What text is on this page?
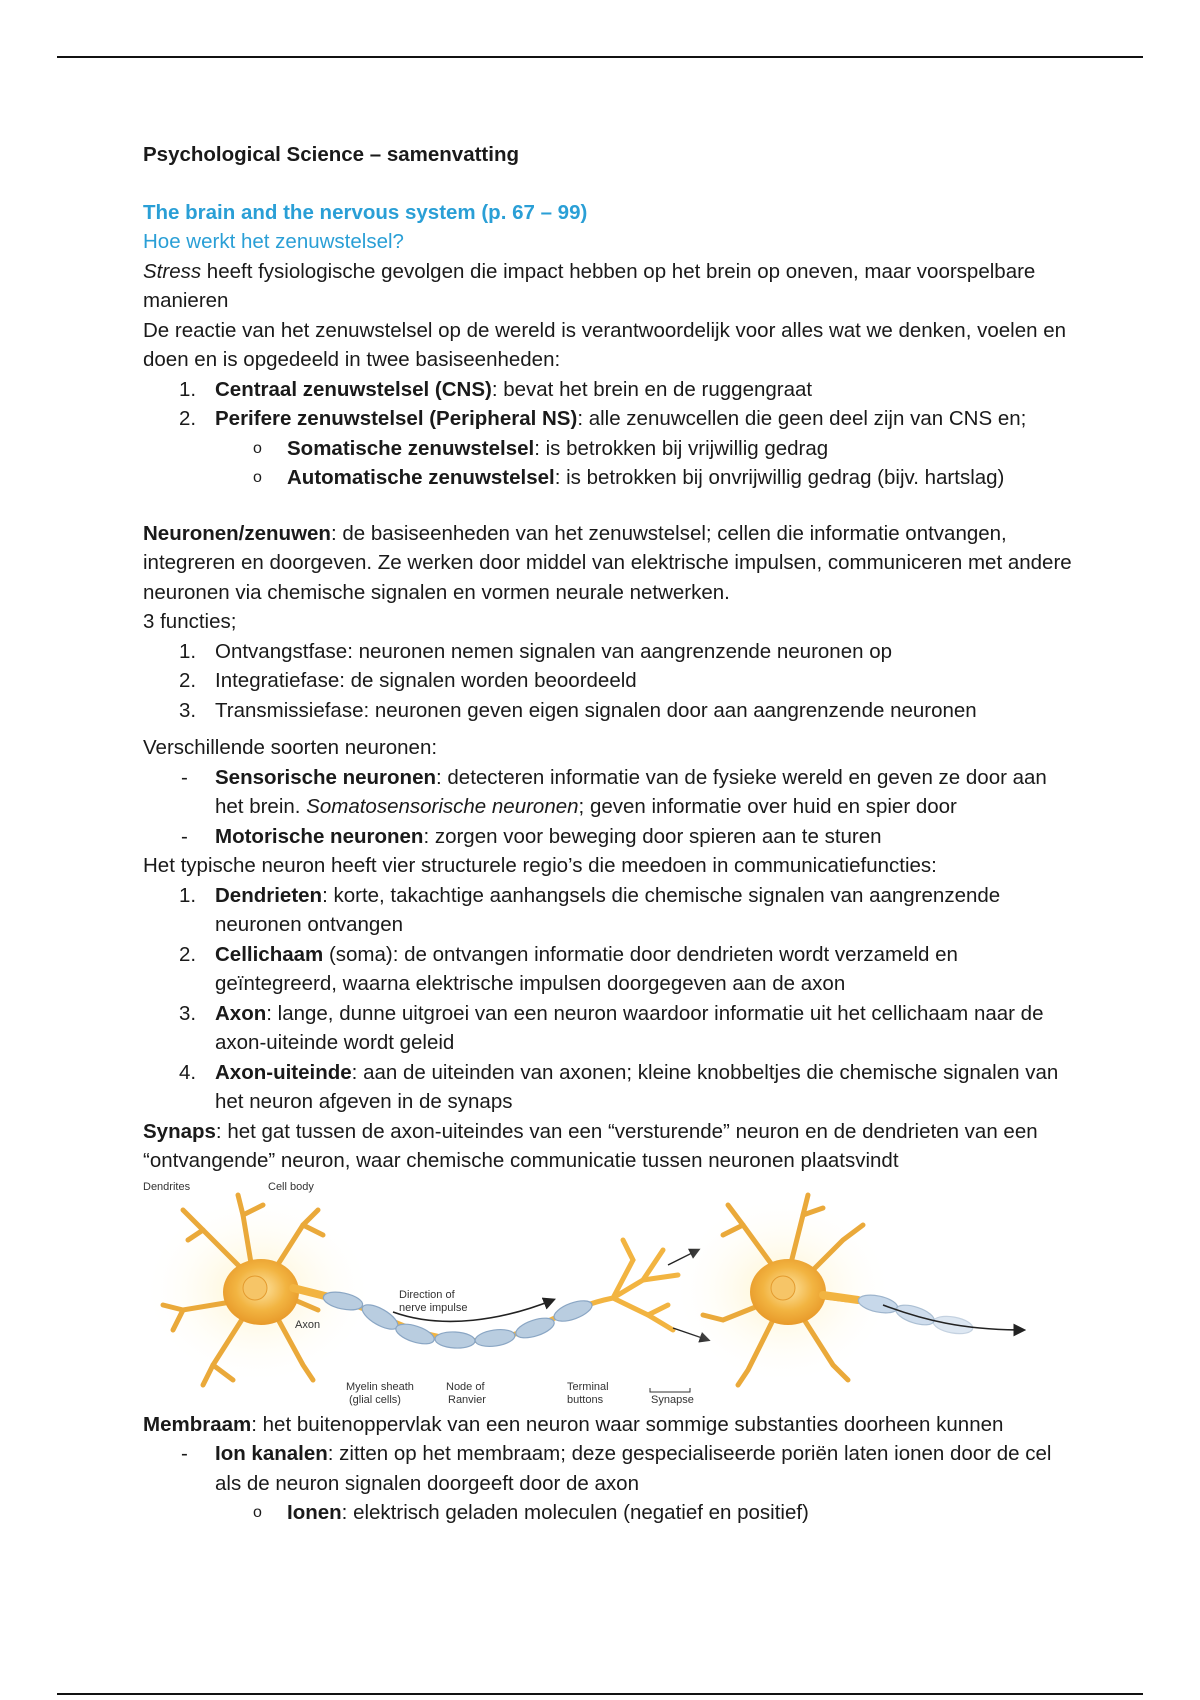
Psychological Science – samenvatting

The brain and the nervous system (p. 67 – 99)

Hoe werkt het zenuwstelsel?

Stress heeft fysiologische gevolgen die impact hebben op het brein op oneven, maar voorspelbare manieren

De reactie van het zenuwstelsel op de wereld is verantwoordelijk voor alles wat we denken, voelen en doen en is opgedeeld in twee basiseenheden:

1. Centraal zenuwstelsel (CNS): bevat het brein en de ruggengraat
2. Perifere zenuwstelsel (Peripheral NS): alle zenuwcellen die geen deel zijn van CNS en;
o Somatische zenuwstelsel: is betrokken bij vrijwillig gedrag
o Automatische zenuwstelsel: is betrokken bij onvrijwillig gedrag (bijv. hartslag)

Neuronen/zenuwen: de basiseenheden van het zenuwstelsel; cellen die informatie ontvangen, integreren en doorgeven. Ze werken door middel van elektrische impulsen, communiceren met andere neuronen via chemische signalen en vormen neurale netwerken.

3 functies;

1. Ontvangstfase: neuronen nemen signalen van aangrenzende neuronen op
2. Integratiefase: de signalen worden beoordeeld
3. Transmissiefase: neuronen geven eigen signalen door aan aangrenzende neuronen

Verschillende soorten neuronen:

- Sensorische neuronen: detecteren informatie van de fysieke wereld en geven ze door aan het brein. Somatosensorische neuronen; geven informatie over huid en spier door
- Motorische neuronen: zorgen voor beweging door spieren aan te sturen

Het typische neuron heeft vier structurele regio’s die meedoen in communicatiefuncties:

1. Dendrieten: korte, takachtige aanhangsels die chemische signalen van aangrenzende neuronen ontvangen
2. Cellichaam (soma): de ontvangen informatie door dendrieten wordt verzameld en geïntegreerd, waarna elektrische impulsen doorgegeven aan de axon
3. Axon: lange, dunne uitgroei van een neuron waardoor informatie uit het cellichaam naar de axon-uiteinde wordt geleid
4. Axon-uiteinde: aan de uiteinden van axonen; kleine knobbeltjes die chemische signalen van het neuron afgeven in de synaps

Synaps: het gat tussen de axon-uiteindes van een “versturende” neuron en de dendrieten van een “ontvangende” neuron, waar chemische communicatie tussen neuronen plaatsvindt

Dendrites	Cell body
Axon
Direction of
nerve impulse
Myelin sheath
(glial cells)
Node of
Ranvier
Terminal
buttons	Synapse

Membraam: het buitenoppervlak van een neuron waar sommige substanties doorheen kunnen

- Ion kanalen: zitten op het membraam; deze gespecialiseerde poriën laten ionen door de cel als de neuron signalen doorgeeft door de axon
o Ionen: elektrisch geladen moleculen (negatief en positief)
